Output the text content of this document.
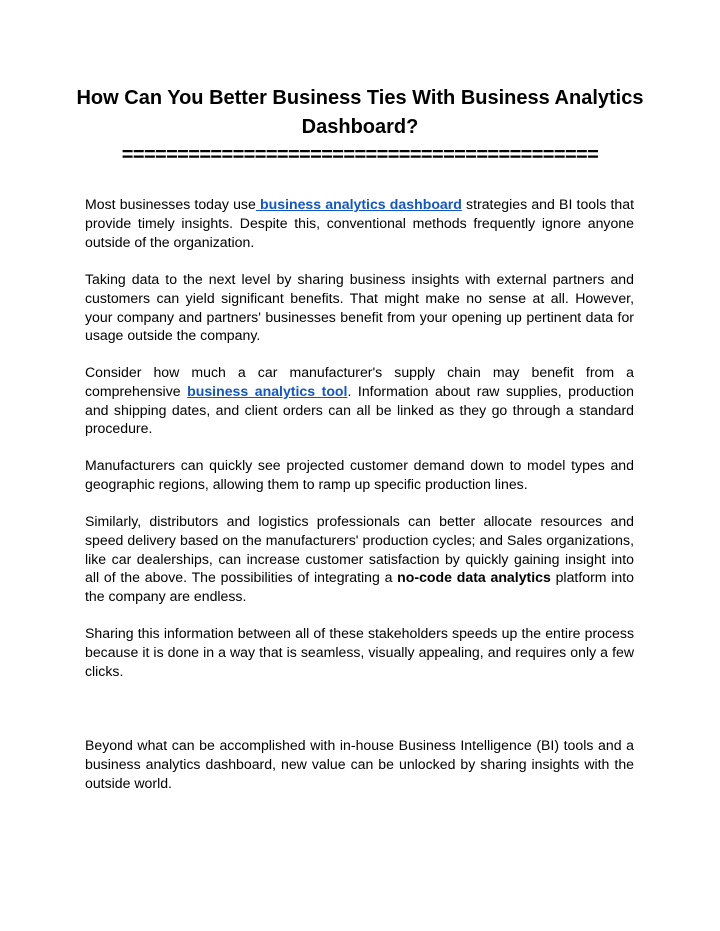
How Can You Better Business Ties With Business Analytics Dashboard?
===========================================

Most businesses today use business analytics dashboard strategies and BI tools that provide timely insights. Despite this, conventional methods frequently ignore anyone outside of the organization.

Taking data to the next level by sharing business insights with external partners and customers can yield significant benefits. That might make no sense at all. However, your company and partners' businesses benefit from your opening up pertinent data for usage outside the company.

Consider how much a car manufacturer's supply chain may benefit from a comprehensive business analytics tool. Information about raw supplies, production and shipping dates, and client orders can all be linked as they go through a standard procedure.

Manufacturers can quickly see projected customer demand down to model types and geographic regions, allowing them to ramp up specific production lines.

Similarly, distributors and logistics professionals can better allocate resources and speed delivery based on the manufacturers' production cycles; and Sales organizations, like car dealerships, can increase customer satisfaction by quickly gaining insight into all of the above. The possibilities of integrating a no-code data analytics platform into the company are endless.

Sharing this information between all of these stakeholders speeds up the entire process because it is done in a way that is seamless, visually appealing, and requires only a few clicks.

Beyond what can be accomplished with in-house Business Intelligence (BI) tools and a business analytics dashboard, new value can be unlocked by sharing insights with the outside world.
